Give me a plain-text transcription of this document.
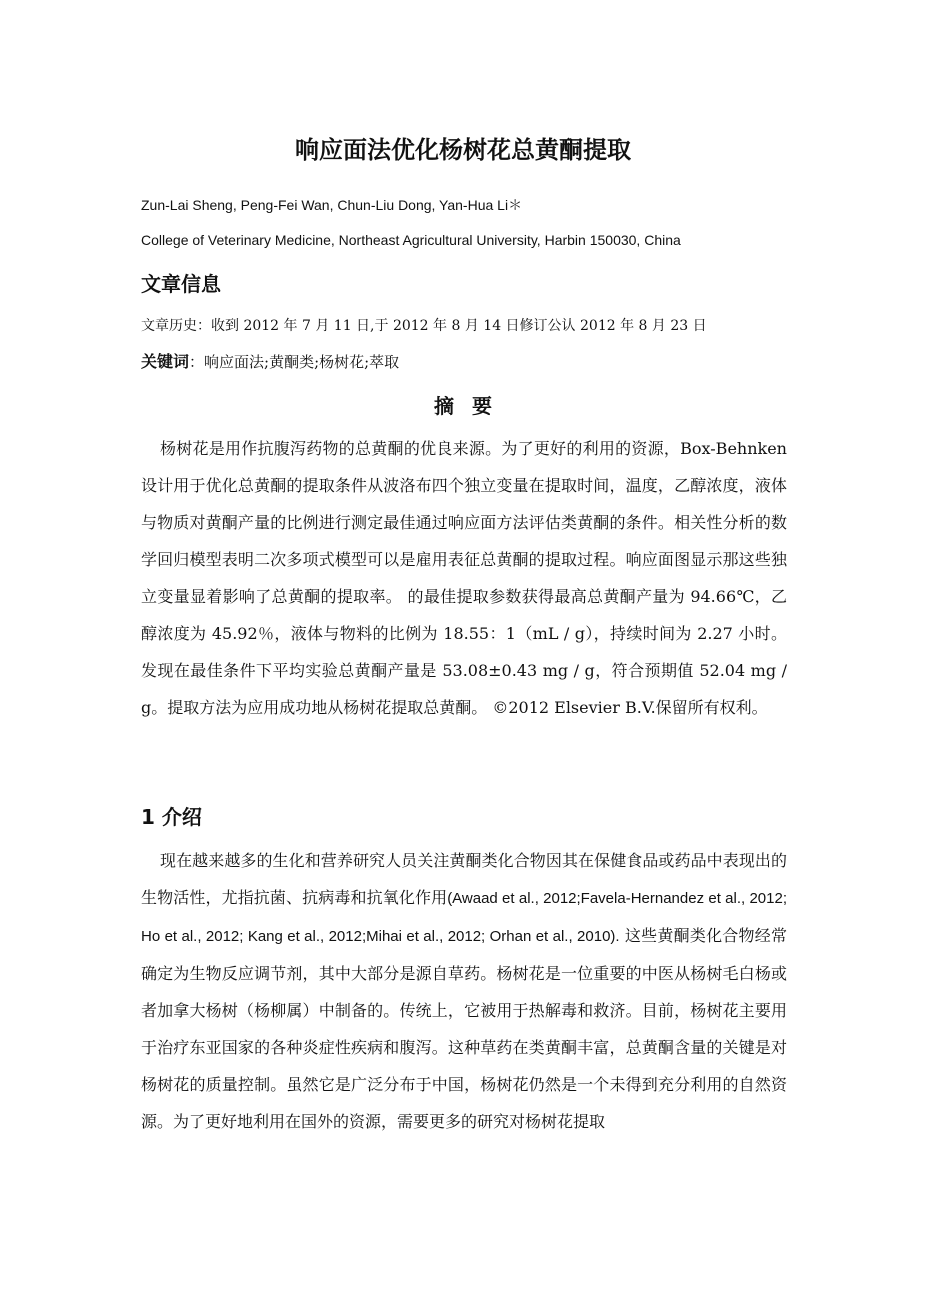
响应面法优化杨树花总黄酮提取
Zun-Lai Sheng, Peng-Fei Wan, Chun-Liu Dong, Yan-Hua Li＊
College of Veterinary Medicine, Northeast Agricultural University, Harbin 150030, China
文章信息
文章历史：收到 2012 年 7 月 11 日,于 2012 年 8 月 14 日修订公认 2012 年 8 月 23 日
关键词：响应面法;黄酮类;杨树花;萃取
摘要

杨树花是用作抗腹泻药物的总黄酮的优良来源。为了更好的利用的资源，Box-Behnken 设计用于优化总黄酮的提取条件从波洛布四个独立变量在提取时间，温度，乙醇浓度，液体与物质对黄酮产量的比例进行测定最佳通过响应面方法评估类黄酮的条件。相关性分析的数学回归模型表明二次多项式模型可以是雇用表征总黄酮的提取过程。响应面图显示那这些独立变量显着影响了总黄酮的提取率。 的最佳提取参数获得最高总黄酮产量为 94.66℃，乙醇浓度为 45.92％，液体与物料的比例为 18.55：1（mL / g），持续时间为 2.27 小时。发现在最佳条件下平均实验总黄酮产量是 53.08±0.43 mg / g，符合预期值 52.04 mg / g。提取方法为应用成功地从杨树花提取总黄酮。 ©2012 Elsevier B.V.保留所有权利。

1 介绍

现在越来越多的生化和营养研究人员关注黄酮类化合物因其在保健食品或药品中表现出的生物活性，尤指抗菌、抗病毒和抗氧化作用(Awaad et al., 2012;Favela-Hernandez et al., 2012; Ho et al., 2012; Kang et al., 2012;Mihai et al., 2012; Orhan et al., 2010). 这些黄酮类化合物经常确定为生物反应调节剂，其中大部分是源自草药。杨树花是一位重要的中医从杨树毛白杨或者加拿大杨树（杨柳属）中制备的。传统上，它被用于热解毒和救济。目前，杨树花主要用于治疗东亚国家的各种炎症性疾病和腹泻。这种草药在类黄酮丰富，总黄酮含量的关键是对杨树花的质量控制。虽然它是广泛分布于中国，杨树花仍然是一个未得到充分利用的自然资源。为了更好地利用在国外的资源，需要更多的研究对杨树花提取
